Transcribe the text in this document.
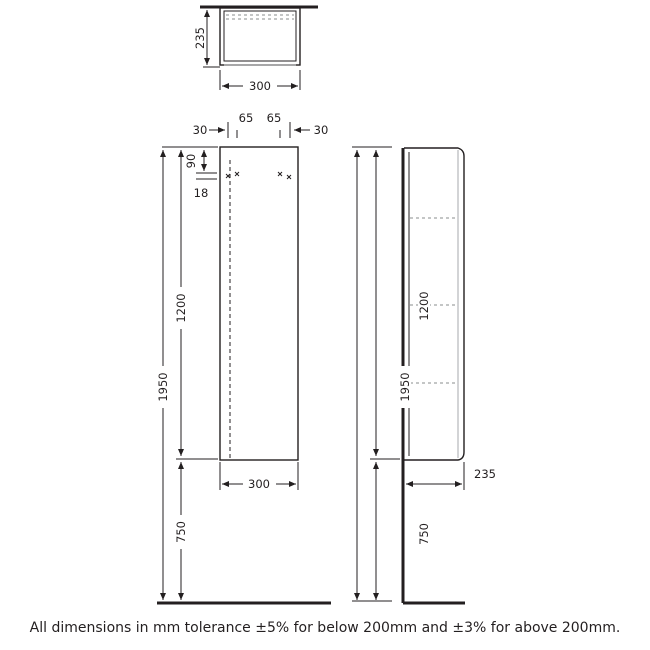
235
300
30
65 65
30
90
18
1200
1950
750
300
1950
1200
750
235
All dimensions in mm tolerance ±5% for below 200mm and ±3% for above 200mm.
